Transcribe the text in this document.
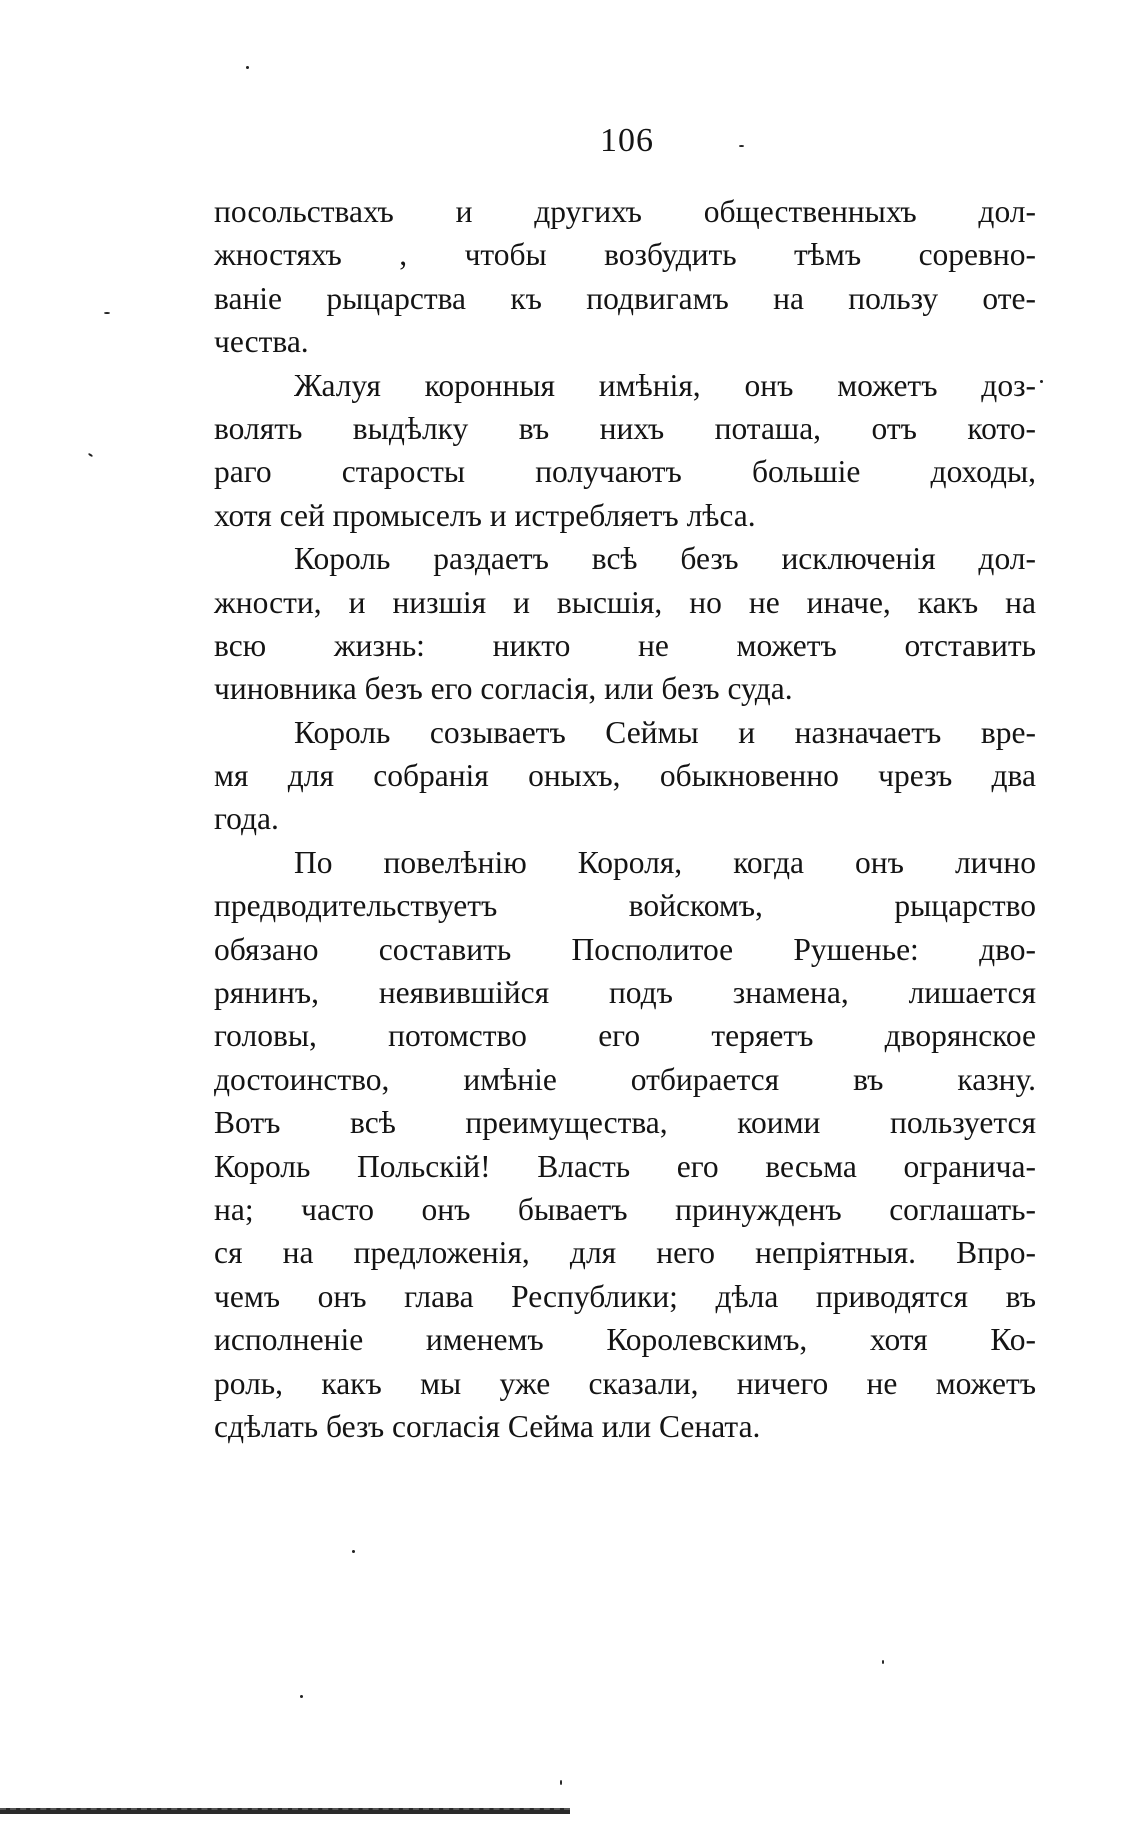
106
посольствахъ и другихъ общественныхъ дол-
жностяхъ , чтобы возбудить тѣмъ соревно-
ваніе рыцарства къ подвигамъ на пользу оте-
чества.
Жалуя коронныя имѣнія, онъ можетъ доз-
волять выдѣлку въ нихъ поташа, отъ кото-
раго старосты получаютъ большіе доходы,
хотя сей промыселъ и истребляетъ лѣса.
Король раздаетъ всѣ безъ исключенія дол-
жности, и низшія и высшія, но не иначе, какъ на
всю жизнь: никто не можетъ отставить
чиновника безъ его согласія, или безъ суда.
Король созываетъ Сеймы и назначаетъ вре-
мя для собранія оныхъ, обыкновенно чрезъ два
года.
По повелѣнію Короля, когда онъ лично
предводительствуетъ войскомъ, рыцарство
обязано составить Посполитое Рушенье: дво-
рянинъ, неявившійся подъ знамена, лишается
головы, потомство его теряетъ дворянское
достоинство, имѣніе отбирается въ казну.
Вотъ всѣ преимущества, коими пользуется
Король Польскій! Власть его весьма огранича-
на; часто онъ бываетъ принужденъ соглашать-
ся на предложенія, для него непріятныя. Впро-
чемъ онъ глава Республики; дѣла приводятся въ
исполненіе именемъ Королевскимъ, хотя Ко-
роль, какъ мы уже сказали, ничего не можетъ
сдѣлать безъ согласія Сейма или Сената.
